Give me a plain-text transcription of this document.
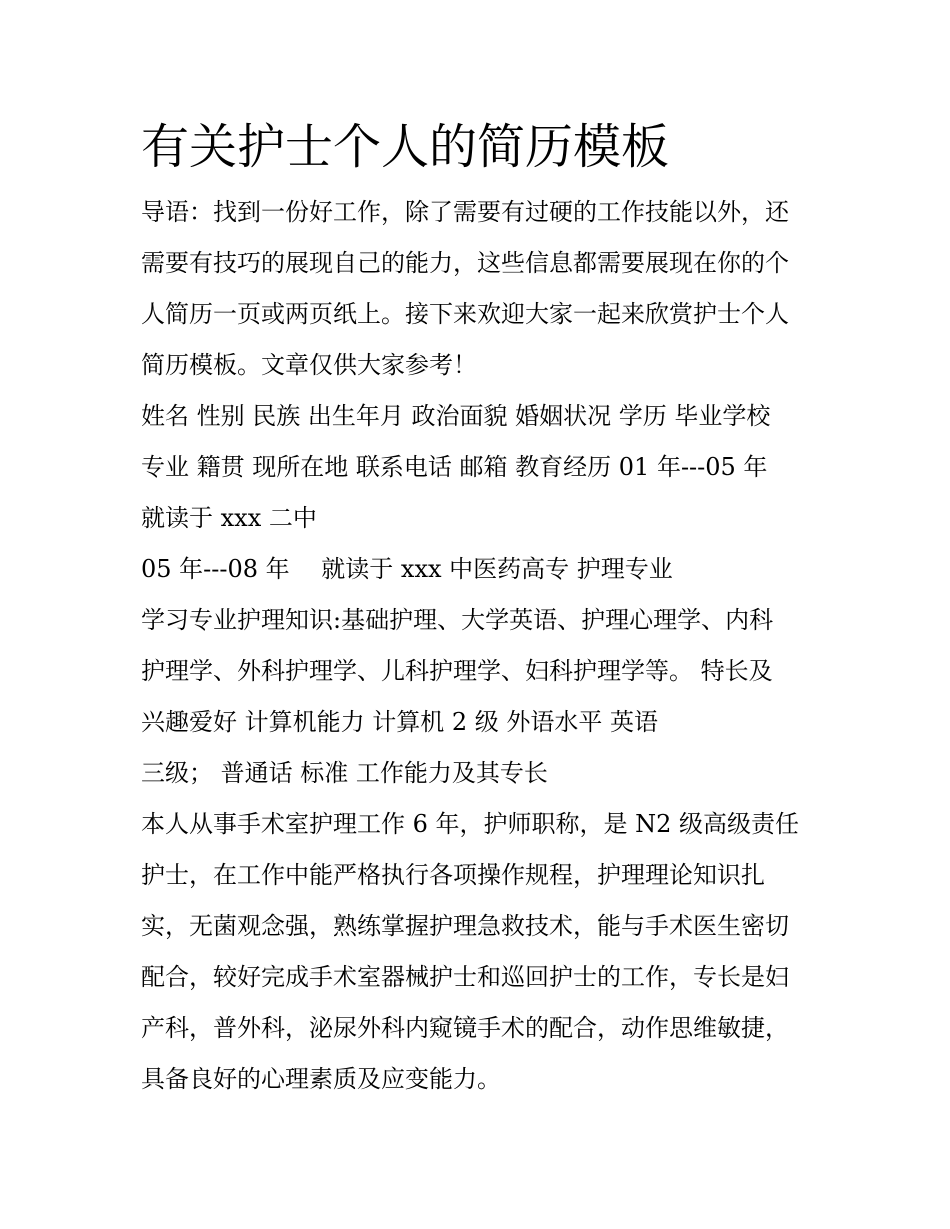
有关护士个人的简历模板

导语：找到一份好工作，除了需要有过硬的工作技能以外，还

需要有技巧的展现自己的能力，这些信息都需要展现在你的个

人简历一页或两页纸上。接下来欢迎大家一起来欣赏护士个人

简历模板。文章仅供大家参考！

姓名 性别 民族 出生年月 政治面貌 婚姻状况 学历 毕业学校

专业 籍贯 现所在地 联系电话 邮箱 教育经历 01 年---05 年

就读于 xxx 二中

05 年---08 年　 就读于 xxx 中医药高专 护理专业

学习专业护理知识:基础护理、大学英语、护理心理学、内科

护理学、外科护理学、儿科护理学、妇科护理学等。 特长及

兴趣爱好 计算机能力 计算机 2 级 外语水平 英语

三级； 普通话 标准 工作能力及其专长

本人从事手术室护理工作 6 年，护师职称，是 N2 级高级责任

护士，在工作中能严格执行各项操作规程，护理理论知识扎

实，无菌观念强，熟练掌握护理急救技术，能与手术医生密切

配合，较好完成手术室器械护士和巡回护士的工作，专长是妇

产科，普外科，泌尿外科内窥镜手术的配合，动作思维敏捷，

具备良好的心理素质及应变能力。
